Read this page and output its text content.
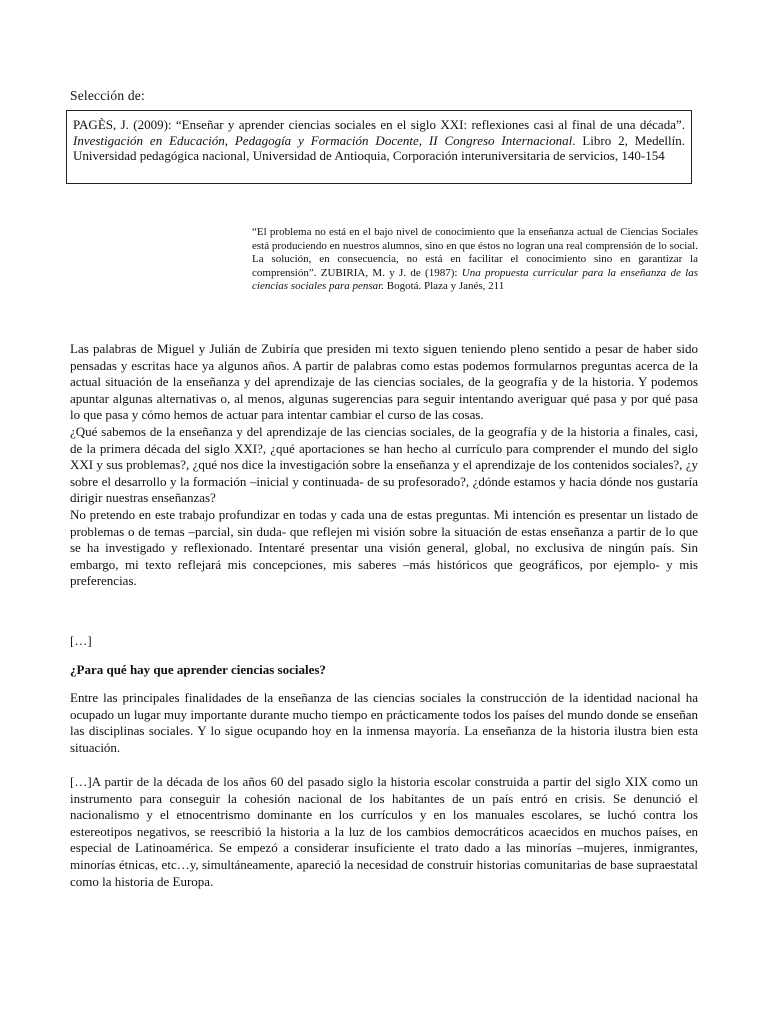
Selección de:
PAGÈS, J. (2009): “Enseñar y aprender ciencias sociales en el siglo XXI: reflexiones casi al final de una década”. Investigación en Educación, Pedagogía y Formación Docente, II Congreso Internacional. Libro 2, Medellín. Universidad pedagógica nacional, Universidad de Antioquia, Corporación interuniversitaria de servicios, 140-154
“El problema no está en el bajo nivel de conocimiento que la enseñanza actual de Ciencias Sociales está produciendo en nuestros alumnos, sino en que éstos no logran una real comprensión de lo social. La solución, en consecuencia, no está en facilitar el conocimiento sino en garantizar la comprensión”. ZUBIRIA, M. y J. de (1987): Una propuesta curricular para la enseñanza de las ciencias sociales para pensar. Bogotá. Plaza y Janés, 211

Las palabras de Miguel y Julián de Zubiría que presiden mi texto siguen teniendo pleno sentido a pesar de haber sido pensadas y escritas hace ya algunos años. A partir de palabras como estas podemos formularnos preguntas acerca de la actual situación de la enseñanza y del aprendizaje de las ciencias sociales, de la geografía y de la historia. Y podemos apuntar algunas alternativas o, al menos, algunas sugerencias para seguir intentando averiguar qué pasa y por qué pasa lo que pasa y cómo hemos de actuar para intentar cambiar el curso de las cosas.

¿Qué sabemos de la enseñanza y del aprendizaje de las ciencias sociales, de la geografía y de la historia a finales, casi, de la primera década del siglo XXI?, ¿qué aportaciones se han hecho al currículo para comprender el mundo del siglo XXI y sus problemas?, ¿qué nos dice la investigación sobre la enseñanza y el aprendizaje de los contenidos sociales?, ¿y sobre el desarrollo y la formación –inicial y continuada- de su profesorado?, ¿dónde estamos y hacia dónde nos gustaría dirigir nuestras enseñanzas?

No pretendo en este trabajo profundizar en todas y cada una de estas preguntas. Mi intención es presentar un listado de problemas o de temas –parcial, sin duda- que reflejen mi visión sobre la situación de estas enseñanza a partir de lo que se ha investigado y reflexionado. Intentaré presentar una visión general, global, no exclusiva de ningún país. Sin embargo, mi texto reflejará mis concepciones, mis saberes –más históricos que geográficos, por ejemplo- y mis preferencias.

[…]
¿Para qué hay que aprender ciencias sociales?
Entre las principales finalidades de la enseñanza de las ciencias sociales la construcción de la identidad nacional ha ocupado un lugar muy importante durante mucho tiempo en prácticamente todos los países del mundo donde se enseñan las disciplinas sociales. Y lo sigue ocupando hoy en la inmensa mayoría. La enseñanza de la historia ilustra bien esta situación.
[…]A partir de la década de los años 60 del pasado siglo la historia escolar construida a partir del siglo XIX como un instrumento para conseguir la cohesión nacional de los habitantes de un país entró en crisis. Se denunció el nacionalismo y el etnocentrismo dominante en los currículos y en los manuales escolares, se luchó contra los estereotipos negativos, se reescribió la historia a la luz de los cambios democráticos acaecidos en muchos países, en especial de Latinoamérica. Se empezó a considerar insuficiente el trato dado a las minorías –mujeres, inmigrantes, minorías étnicas, etc…y, simultáneamente, apareció la necesidad de construir historias comunitarias de base supraestatal como la historia de Europa.
